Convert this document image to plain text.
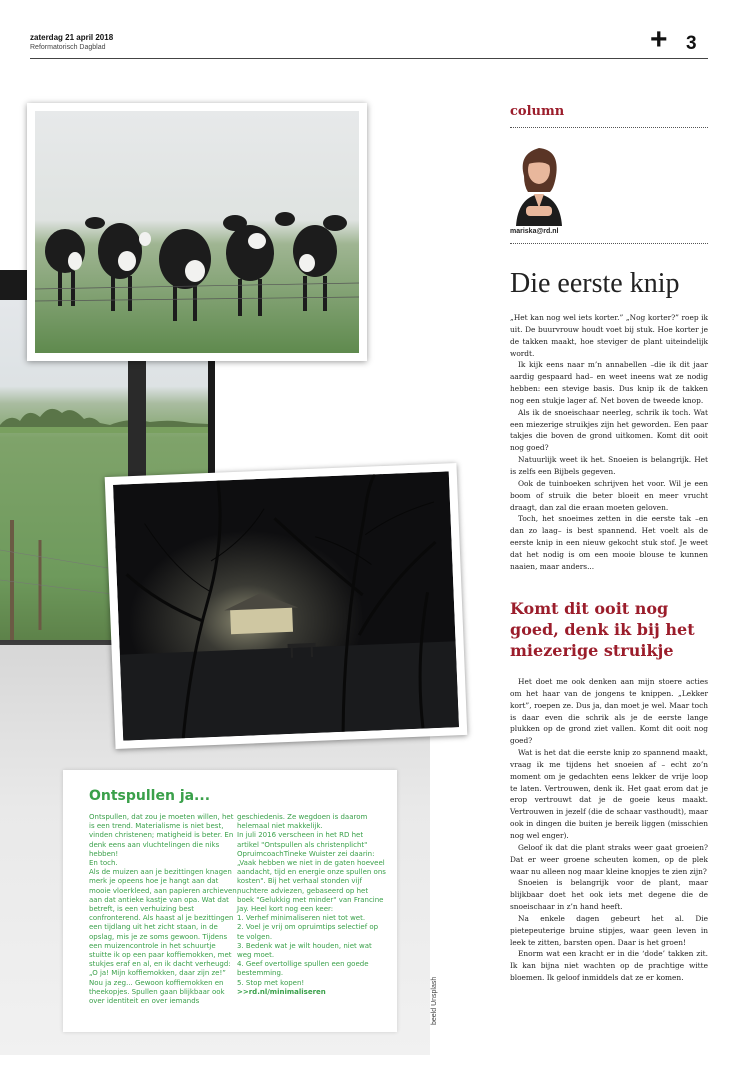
zaterdag 21 april 2018
Reformatorisch Dagblad	+ 3
Ontspullen ja...

Ontspullen, dat zou je moeten willen, het is een trend. Materialisme is niet best, vinden christenen; matigheid is beter. En denk eens aan vluchtelingen die niks hebben!

En toch.

Als de muizen aan je bezittingen knagen merk je opeens hoe je hangt aan dat mooie vloerkleed, aan papieren archieven, aan dat antieke kastje van opa. Wat dat betreft, is een verhuizing best confronterend. Als haast al je bezittingen een tijdlang uit het zicht staan, in de opslag, mis je ze soms gewoon. Tijdens een muizencontrole in het schuurtje stuitte ik op een paar koffiemokken, met stukjes eraf en al, en ik dacht verheugd: „O ja! Mijn koffiemokken, daar zijn ze!” Nou ja zeg... Gewoon koffiemokken en theekopjes. Spullen gaan blijkbaar ook over identiteit en over iemands

geschiedenis. Ze wegdoen is daarom helemaal niet makkelijk.

In juli 2016 verscheen in het RD het artikel "Ontspullen als christenplicht" OpruimcoachTineke Wuister zei daarin: „Vaak hebben we niet in de gaten hoeveel aandacht, tijd en energie onze spullen ons kosten". Bij het verhaal stonden vijf nuchtere adviezen, gebaseerd op het boek "Gelukkig met minder" van Francine Jay. Heel kort nog een keer:

1. Verhef minimaliseren niet tot wet.

2. Voel je vrij om opruimtips selectief op te volgen.

3. Bedenk wat je wilt houden, niet wat weg moet.

4. Geef overtollige spullen een goede bestemming.

5. Stop met kopen!

>>rd.nl/minimaliseren	beeld Unsplash
column
mariska@rd.nl
Die eerste knip

„Het kan nog wel iets korter.” „Nog korter?” roep ik uit. De buurvrouw houdt voet bij stuk. Hoe korter je de takken maakt, hoe steviger de plant uiteindelijk wordt.

Ik kijk eens naar m’n annabellen –die ik dit jaar aardig gespaard had– en weet ineens wat ze nodig hebben: een stevige basis. Dus knip ik de takken nog een stukje lager af. Net boven de tweede knop.

Als ik de snoeischaar neerleg, schrik ik toch. Wat een miezerige struikjes zijn het geworden. Een paar takjes die boven de grond uitkomen. Komt dit ooit nog goed?

Natuurlijk weet ik het. Snoeien is belangrijk. Het is zelfs een Bijbels gegeven.

Ook de tuinboeken schrijven het voor. Wil je een boom of struik die beter bloeit en meer vrucht draagt, dan zal die eraan moeten geloven.

Toch, het snoeimes zetten in die eerste tak –en dan zo laag– is best spannend. Het voelt als de eerste knip in een nieuw gekocht stuk stof. Je weet dat het nodig is om een mooie blouse te kunnen naaien, maar anders...

Komt dit ooit nog goed, denk ik bij het miezerige struikje

Het doet me ook denken aan mijn stoere acties om het haar van de jongens te knippen. „Lekker kort”, roepen ze. Dus ja, dan moet je wel. Maar toch is daar even die schrik als je de eerste lange plukken op de grond ziet vallen. Komt dit ooit nog goed?

Wat is het dat die eerste knip zo spannend maakt, vraag ik me tijdens het snoeien af – echt zo’n moment om je gedachten eens lekker de vrije loop te laten. Vertrouwen, denk ik. Het gaat erom dat je erop vertrouwt dat je de goeie keus maakt. Vertrouwen in jezelf (die de schaar vasthoudt), maar ook in dingen die buiten je bereik liggen (misschien nog wel enger).

Geloof ik dat die plant straks weer gaat groeien? Dat er weer groene scheuten komen, op de plek waar nu alleen nog maar kleine knopjes te zien zijn?

Snoeien is belangrijk voor de plant, maar blijkbaar doet het ook iets met degene die de snoeischaar in z’n hand heeft.

Na enkele dagen gebeurt het al. Die pietepeuterige bruine stipjes, waar geen leven in leek te zitten, barsten open. Daar is het groen!

Enorm wat een kracht er in die ‘dode’ takken zit. Ik kan bijna niet wachten op de prachtige witte bloemen. Ik geloof inmiddels dat ze er komen.
